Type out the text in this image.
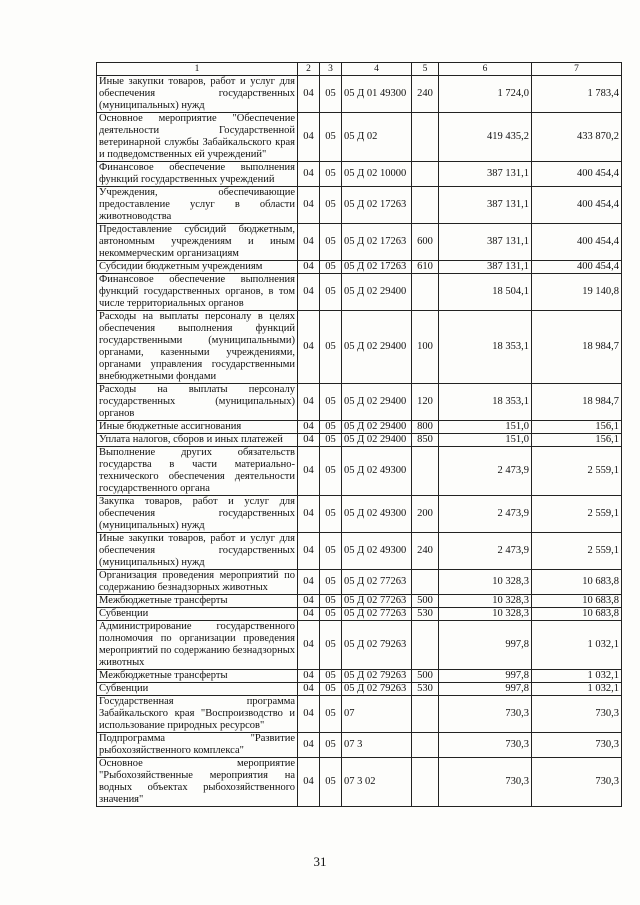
1	2	3	4	5	6	7
Иные закупки товаров, работ и услуг для обеспечения государственных (муниципальных) нужд	04	05	05 Д 01 49300	240	1 724,0	1 783,4
Основное мероприятие "Обеспечение деятельности Государственной ветеринарной службы Забайкальского края и подведомственных ей учреждений"	04	05	05 Д 02		419 435,2	433 870,2
Финансовое обеспечение выполнения функций государственных учреждений	04	05	05 Д 02 10000		387 131,1	400 454,4
Учреждения, обеспечивающие предоставление услуг в области животноводства	04	05	05 Д 02 17263		387 131,1	400 454,4
Предоставление субсидий бюджетным, автономным учреждениям и иным некоммерческим организациям	04	05	05 Д 02 17263	600	387 131,1	400 454,4
Субсидии бюджетным учреждениям	04	05	05 Д 02 17263	610	387 131,1	400 454,4
Финансовое обеспечение выполнения функций государственных органов, в том числе территориальных органов	04	05	05 Д 02 29400		18 504,1	19 140,8
Расходы на выплаты персоналу в целях обеспечения выполнения функций государственными (муниципальными) органами, казенными учреждениями, органами управления государственными внебюджетными фондами	04	05	05 Д 02 29400	100	18 353,1	18 984,7
Расходы на выплаты персоналу государственных (муниципальных) органов	04	05	05 Д 02 29400	120	18 353,1	18 984,7
Иные бюджетные ассигнования	04	05	05 Д 02 29400	800	151,0	156,1
Уплата налогов, сборов и иных платежей	04	05	05 Д 02 29400	850	151,0	156,1
Выполнение других обязательств государства в части материально-технического обеспечения деятельности государственного органа	04	05	05 Д 02 49300		2 473,9	2 559,1
Закупка товаров, работ и услуг для обеспечения государственных (муниципальных) нужд	04	05	05 Д 02 49300	200	2 473,9	2 559,1
Иные закупки товаров, работ и услуг для обеспечения государственных (муниципальных) нужд	04	05	05 Д 02 49300	240	2 473,9	2 559,1
Организация проведения мероприятий по содержанию безнадзорных животных	04	05	05 Д 02 77263		10 328,3	10 683,8
Межбюджетные трансферты	04	05	05 Д 02 77263	500	10 328,3	10 683,8
Субвенции	04	05	05 Д 02 77263	530	10 328,3	10 683,8
Администрирование государственного полномочия по организации проведения мероприятий по содержанию безнадзорных животных	04	05	05 Д 02 79263		997,8	1 032,1
Межбюджетные трансферты	04	05	05 Д 02 79263	500	997,8	1 032,1
Субвенции	04	05	05 Д 02 79263	530	997,8	1 032,1
Государственная программа Забайкальского края "Воспроизводство и использование природных ресурсов"	04	05	07		730,3	730,3
Подпрограмма "Развитие рыбохозяйственного комплекса"	04	05	07 3		730,3	730,3
Основное мероприятие "Рыбохозяйственные мероприятия на водных объектах рыбохозяйственного значения"	04	05	07 3 02		730,3	730,3
31
